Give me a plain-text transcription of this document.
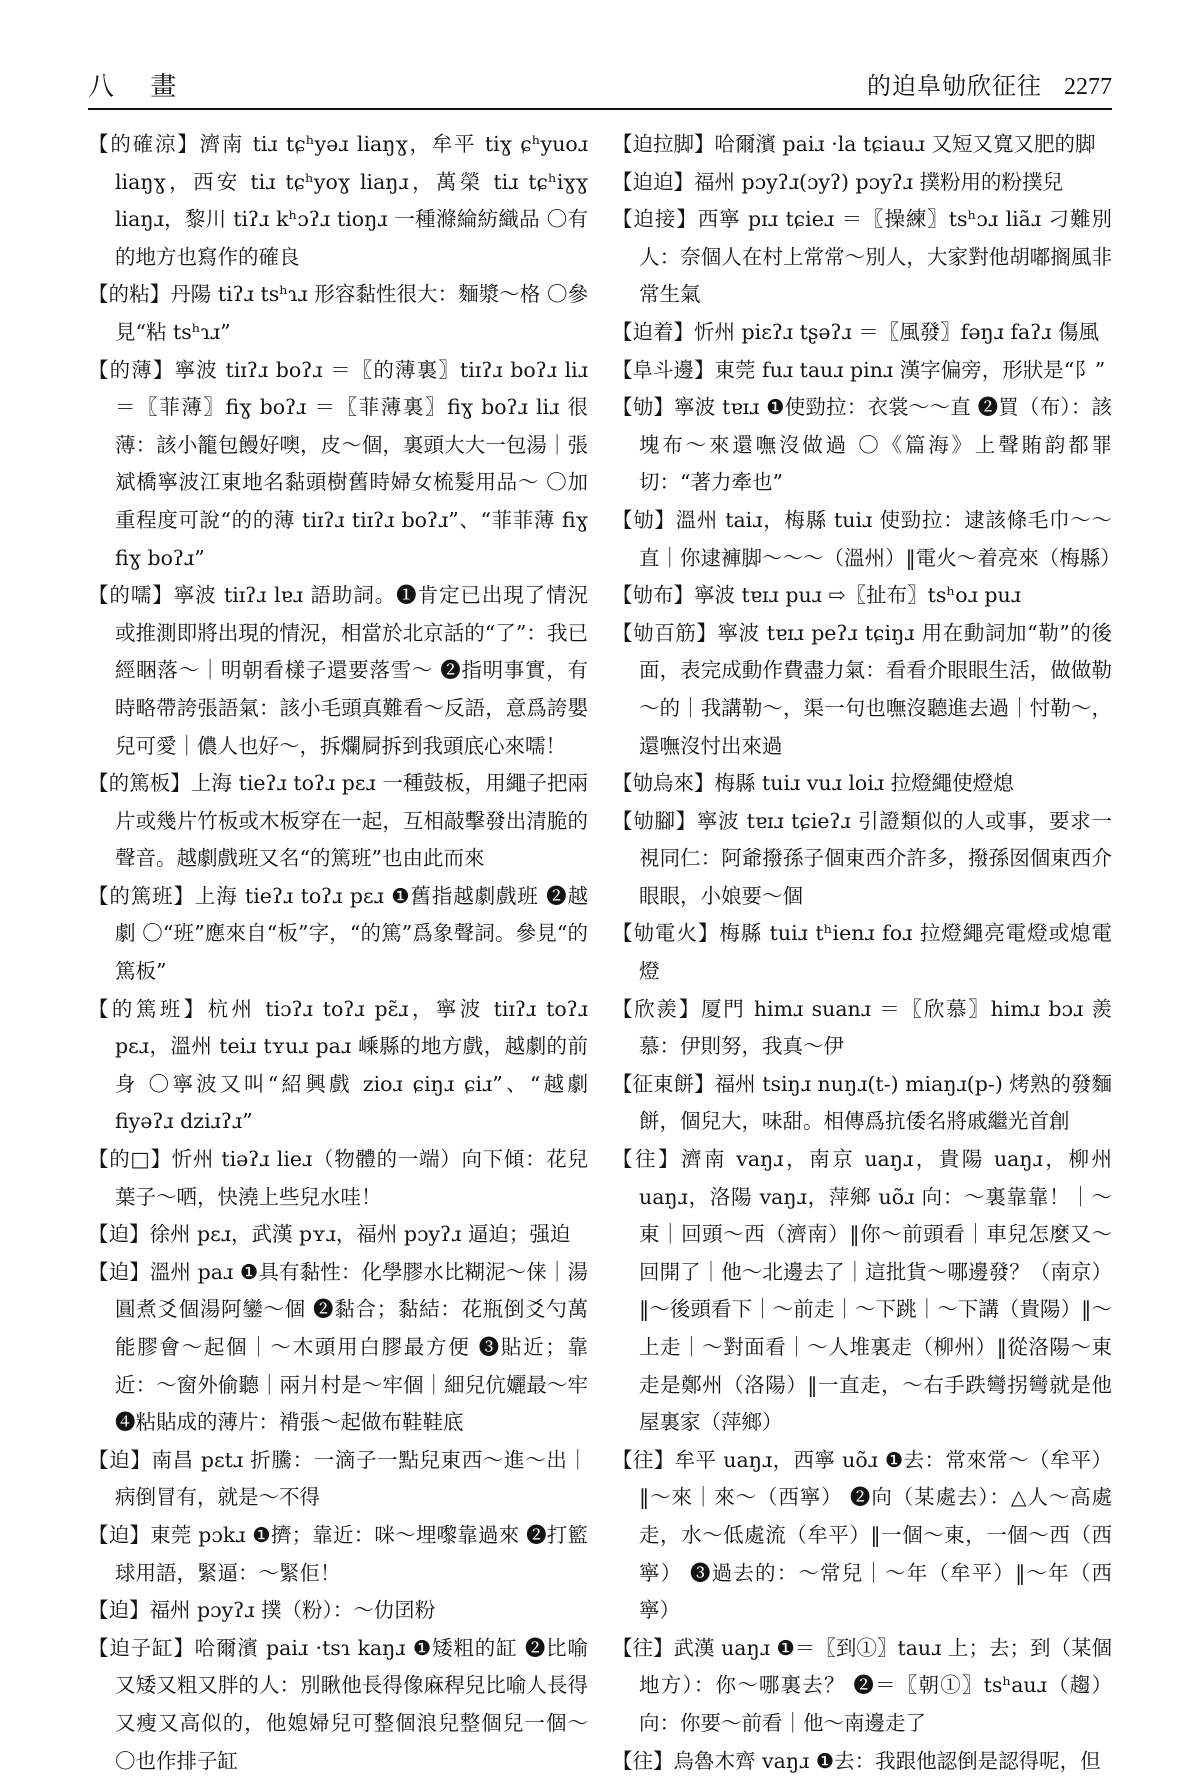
八 畫	的迫阜劬欣征往 2277

【的確涼】濟南 tiɹ tɕʰyəɹ liaŋɣ，牟平 tiɣ ɕʰyuoɹ liaŋɣ，西安 tiɹ tɕʰyoɣ liaŋɹ，萬榮 tiɹ tɕʰiɣɣ liaŋɹ，黎川 tiʔɹ kʰɔʔɹ tioŋɹ 一種滌綸紡織品 〇有的地方也寫作的確良

【的粘】丹陽 tiʔɹ tsʰɿɹ 形容黏性很大：麵漿～格 〇參見“粘 tsʰɿɹ”

【的薄】寧波 tiɪʔɹ boʔɹ ＝〖的薄裏〗tiɪʔɹ boʔɹ liɹ ＝〖菲薄〗fiɣ boʔɹ ＝〖菲薄裏〗fiɣ boʔɹ liɹ 很薄：該小籠包饅好噢，皮～個，裏頭大大一包湯｜張斌橋寧波江東地名黏頭樹舊時婦女梳髮用品～ 〇加重程度可說“的的薄 tiɪʔɹ tiɪʔɹ boʔɹ”、“菲菲薄 fiɣ fiɣ boʔɹ”

【的嚅】寧波 tiɪʔɹ lɐɹ 語助詞。❶肯定已出現了情況或推測即將出現的情況，相當於北京話的“了”：我已經睏落～｜明朝看樣子還要落雪～ ❷指明事實，有時略帶誇張語氣：該小毛頭真難看～反語，意爲誇嬰兒可愛｜儂人也好～，拆爛屙拆到我頭底心來嚅！

【的篤板】上海 tieʔɹ toʔɹ pɛɹ 一種鼓板，用繩子把兩片或幾片竹板或木板穿在一起，互相敲擊發出清脆的聲音。越劇戲班又名“的篤班”也由此而來

【的篤班】上海 tieʔɹ toʔɹ pɛɹ ❶舊指越劇戲班 ❷越劇 〇“班”應來自“板”字，“的篤”爲象聲詞。參見“的篤板”

【的篤班】杭州 tiɔʔɹ toʔɹ pɛ̃ɹ，寧波 tiɪʔɹ toʔɹ pɛɹ，溫州 teiɹ tʏuɹ paɹ 嵊縣的地方戲，越劇的前身 〇寧波又叫“紹興戲 zioɹ ɕiŋɹ ɕiɹ”、“越劇 fiyəʔɹ dziɹʔɹ”

【的□】忻州 tiəʔɹ lieɹ（物體的一端）向下傾：花兒葉子～哂，快澆上些兒水哇！

【迫】徐州 pɛɹ，武漢 pʏɹ，福州 pɔyʔɹ 逼迫；强迫

【迫】溫州 paɹ ❶具有黏性：化學膠水比糊泥～俫｜湯圓煮爻個湯阿鑾～個 ❷黏合；黏結：花瓶倒爻勺萬能膠會～起個｜～木頭用白膠最方便 ❸貼近；靠近：～窗外偷聽｜兩爿村是～牢個｜細兒伉孋最～牢 ❹粘貼成的薄片：褙張～起做布鞋鞋底

【迫】南昌 pɛtɹ 折騰：一滴子一點兒東西～進～出｜病倒冒有，就是～不得

【迫】東莞 pɔkɹ ❶擠；靠近：咪～埋嚟靠過來 ❷打籃球用語，緊逼：～緊佢！

【迫】福州 pɔyʔɹ 撲（粉）：～仂囝粉

【迫子缸】哈爾濱 paiɹ ·tsɿ kaŋɹ ❶矮粗的缸 ❷比喻又矮又粗又胖的人：別瞅他長得像麻稈兒比喻人長得又瘦又高似的，他媳婦兒可整個浪兒整個兒一個～ 〇也作排子缸

【迫拉脚】哈爾濱 paiɹ ·la tɕiauɹ 又短又寬又肥的脚

【迫迫】福州 pɔyʔɹ(ɔyʔ) pɔyʔɹ 撲粉用的粉撲兒

【迫接】西寧 pɪɹ tɕieɹ ＝〖操練〗tsʰɔɹ liãɹ 刁難別人：奈個人在村上常常～別人，大家對他胡嘟搁風非常生氣

【迫着】忻州 piɛʔɹ tʂəʔɹ ＝〖風發〗fəŋɹ faʔɹ 傷風

【阜斗邊】東莞 fuɹ tauɹ pinɹ 漢字偏旁，形狀是“阝”

【劬】寧波 tɐɪɹ ❶使勁拉：衣裳～～直 ❷買（布）：該塊布～來還嘸沒做過 〇《篇海》上聲賄韵都罪切：“著力牽也”

【劬】溫州 taiɹ，梅縣 tuiɹ 使勁拉：逮該條毛巾～～直｜你逮褲脚～～～（溫州）‖電火～着亮來（梅縣）

【劬布】寧波 tɐɪɹ puɹ ⇨〖扯布〗tsʰoɹ puɹ

【劬百筋】寧波 tɐɪɹ peʔɹ tɕiŋɹ 用在動詞加“勒”的後面，表完成動作費盡力氣：看看介眼眼生活，做做勒～的｜我講勒～，渠一句也嘸沒聽進去過｜忖勒～，還嘸沒忖出來過

【劬烏來】梅縣 tuiɹ vuɹ loiɹ 拉燈繩使燈熄

【劬腳】寧波 tɐɪɹ tɕieʔɹ 引證類似的人或事，要求一視同仁：阿爺撥孫子個東西介許多，撥孫囡個東西介眼眼，小娘要～個

【劬電火】梅縣 tuiɹ tʰienɹ foɹ 拉燈繩亮電燈或熄電燈

【欣羨】厦門 himɹ suanɹ ＝〖欣慕〗himɹ bɔɹ 羨慕：伊則努，我真～伊

【征東餅】福州 tsiŋɹ nuŋɹ(t-) miaŋɹ(p-) 烤熟的發麵餅，個兒大，味甜。相傳爲抗倭名將戚繼光首創

【往】濟南 vaŋɹ，南京 uaŋɹ，貴陽 uaŋɹ，柳州 uaŋɹ，洛陽 vaŋɹ，萍鄉 uõɹ 向：～裏靠靠！｜～東｜回頭～西（濟南）‖你～前頭看｜車兒怎麼又～回開了｜他～北邊去了｜這批貨～哪邊發？（南京）‖～後頭看下｜～前走｜～下跳｜～下講（貴陽）‖～上走｜～對面看｜～人堆裏走（柳州）‖從洛陽～東走是鄭州（洛陽）‖一直走，～右手跌彎拐彎就是他屋裏家（萍鄉）

【往】牟平 uaŋɹ，西寧 uõɹ ❶去：常來常～（牟平）‖～來｜來～（西寧） ❷向（某處去）：△人～高處走，水～低處流（牟平）‖一個～東，一個～西（西寧） ❸過去的：～常兒｜～年（牟平）‖～年（西寧）

【往】武漢 uaŋɹ ❶＝〖到①〗tauɹ 上；去；到（某個地方）：你～哪裏去？ ❷＝〖朝①〗tsʰauɹ（趨）向：你要～前看｜他～南邊走了

【往】烏魯木齊 vaŋɹ ❶去：我跟他認倒是認得呢，但
